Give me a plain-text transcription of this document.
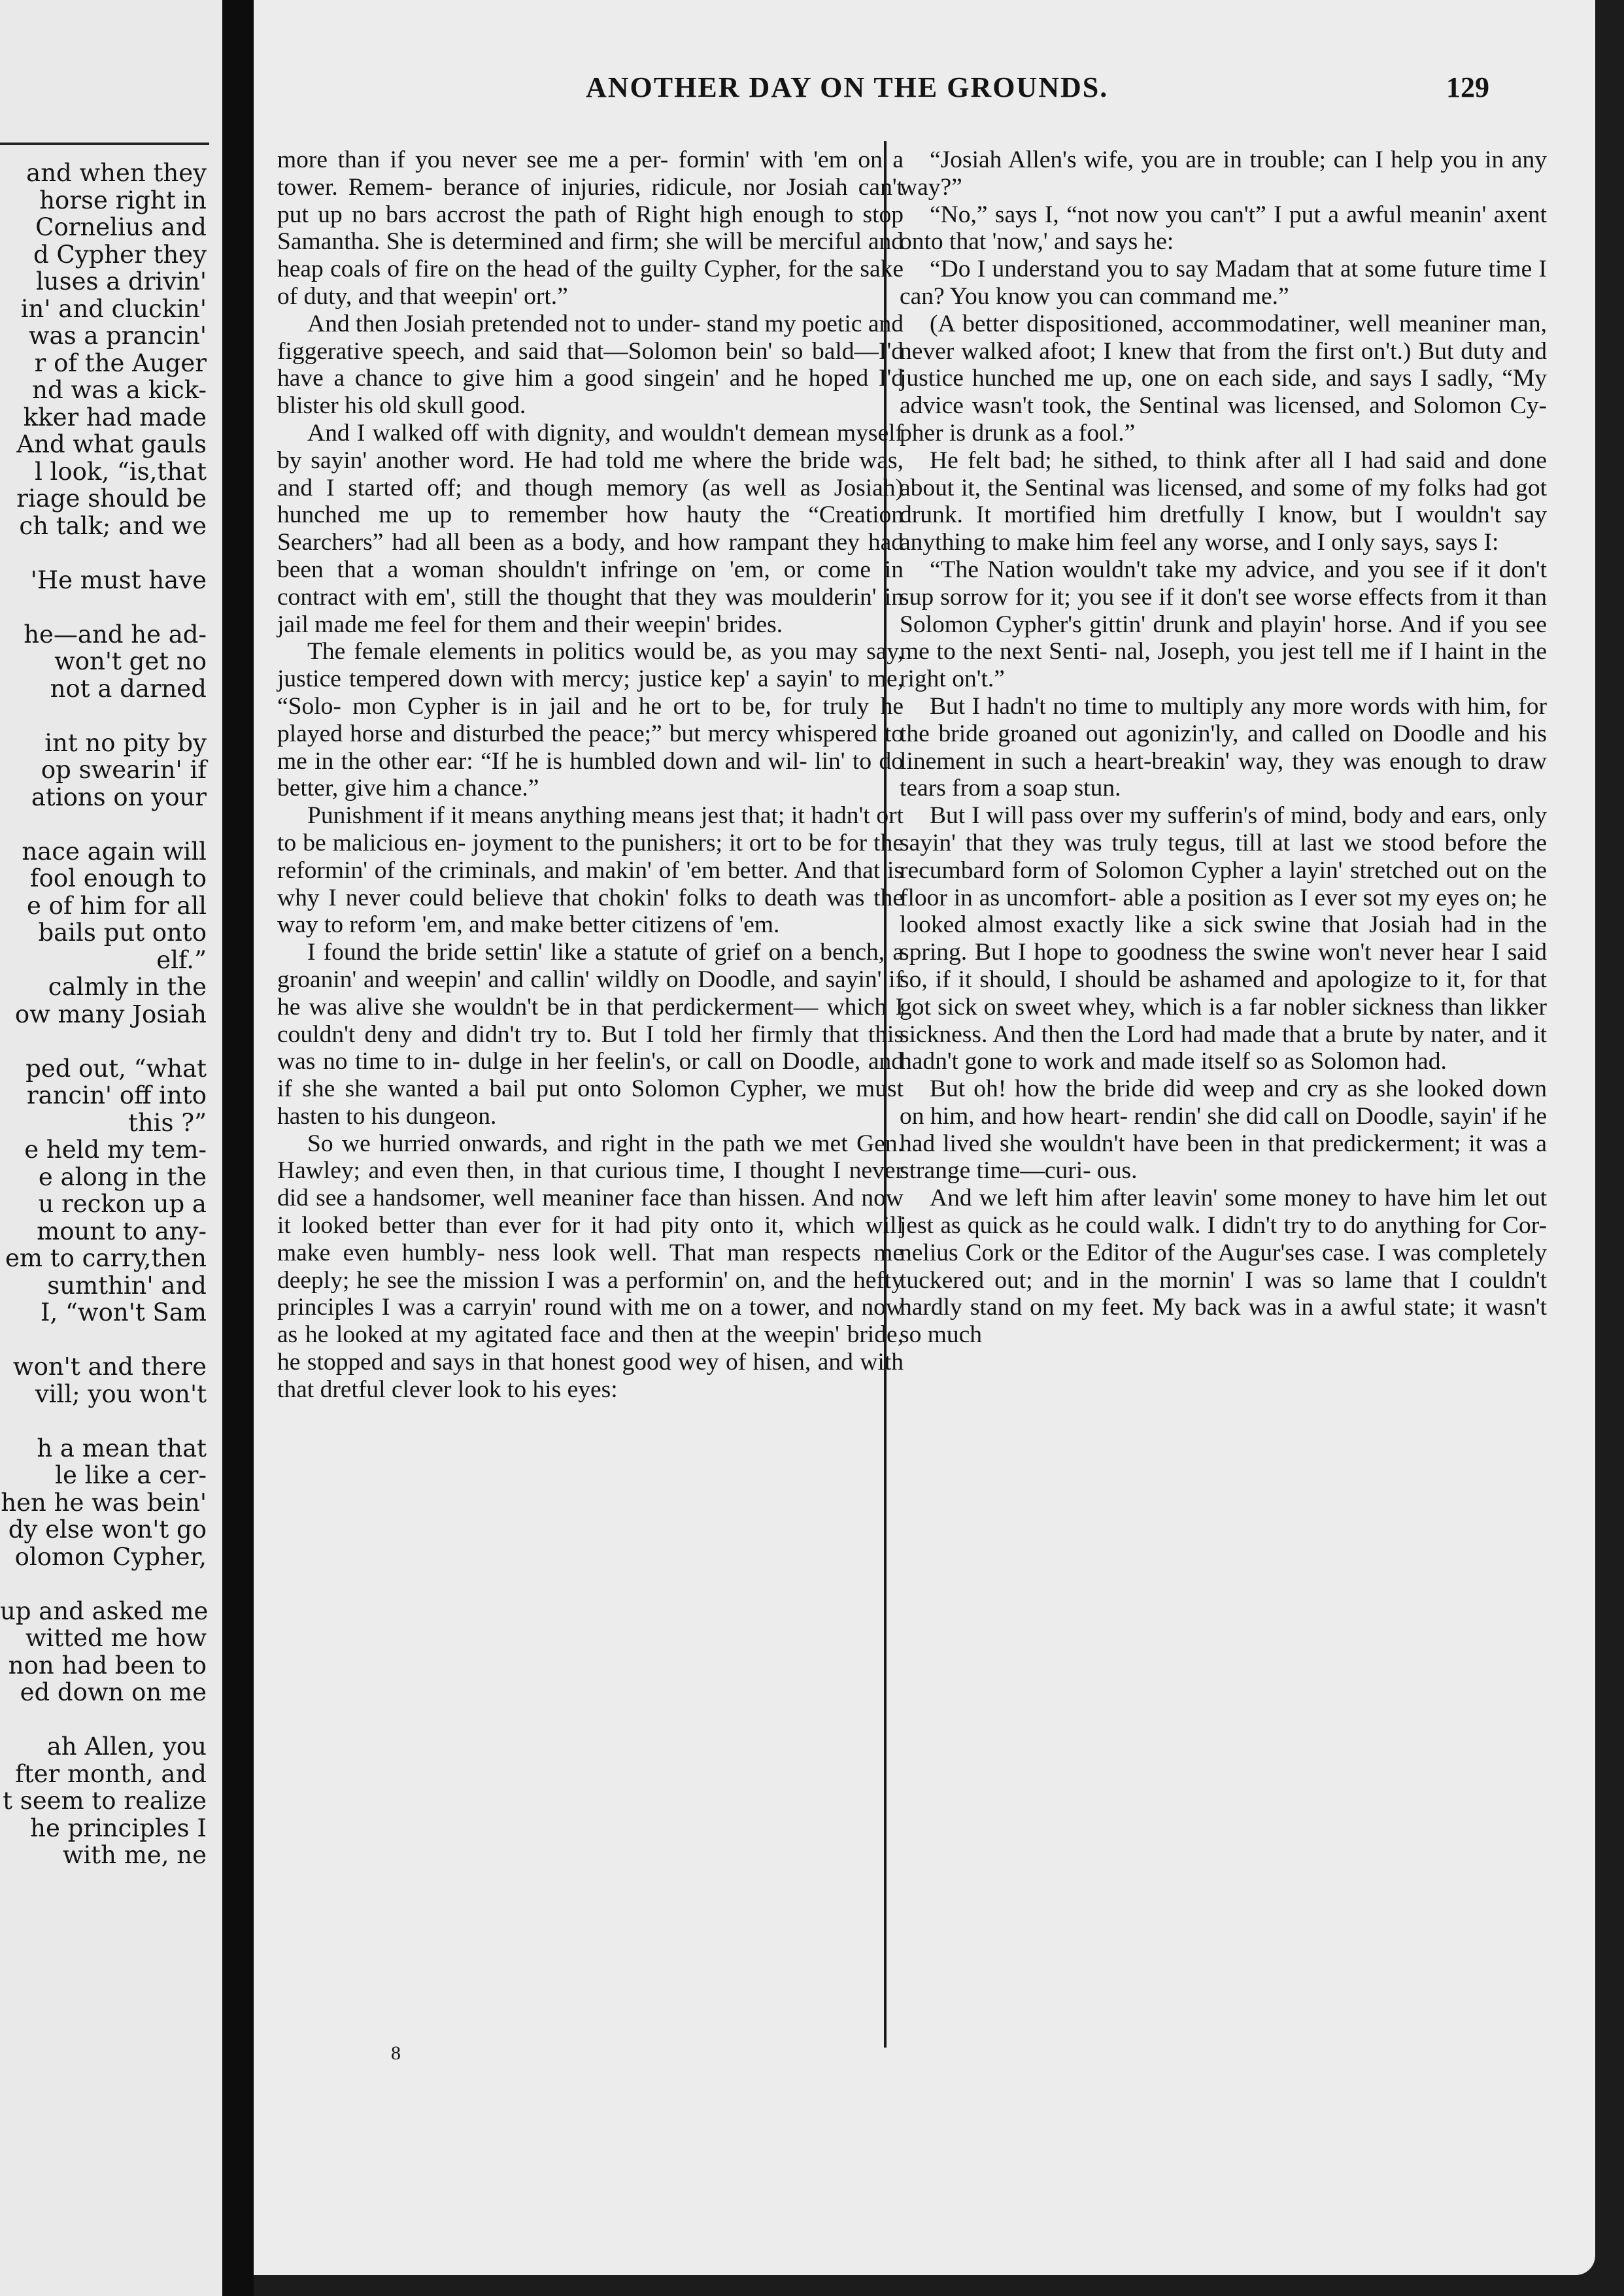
and when they
horse right in
Cornelius and
d Cypher they
luses a drivin'
in' and cluckin'
was a prancin'
r of the Auger
nd was a kick-
kker had made
And what gauls
l look, “is,that
riage should be
ch talk; and we

'He must have

he—and he ad-
won't get no
not a darned

int no pity by
op swearin' if
ations on your

nace again will
fool enough to
e of him for all
bails put onto
elf.”
calmly in the
ow many Josiah

ped out, “what
rancin' off into
this ?”
e held my tem-
e along in the
u reckon up a
mount to any-
em to carry,then
sumthin' and
I, “won't Sam

won't and there
vill; you won't

h a mean that
le like a cer-
hen he was bein'
dy else won't go
olomon Cypher,

up and asked me
witted me how
non had been to
ed down on me

ah Allen, you
fter month, and
t seem to realize
he principles I
with me, ne
ANOTHER DAY ON THE GROUNDS.	129

more than if you never see me a per- formin' with 'em on a tower. Remem- berance of injuries, ridicule, nor Josiah can't put up no bars accrost the path of Right high enough to stop Samantha. She is determined and firm; she will be merciful and heap coals of fire on the head of the guilty Cypher, for the sake of duty, and that weepin' ort.”

And then Josiah pretended not to under- stand my poetic and figgerative speech, and said that—Solomon bein' so bald—I'd have a chance to give him a good singein' and he hoped I'd blister his old skull good.

And I walked off with dignity, and wouldn't demean myself by sayin' another word. He had told me where the bride was, and I started off; and though memory (as well as Josiah) hunched me up to remember how hauty the “Creation Searchers” had all been as a body, and how rampant they had been that a woman shouldn't infringe on 'em, or come in contract with em', still the thought that they was moulderin' in jail made me feel for them and their weepin' brides.

The female elements in politics would be, as you may say, justice tempered down with mercy; justice kep' a sayin' to me, “Solo- mon Cypher is in jail and he ort to be, for truly he played horse and disturbed the peace;” but mercy whispered to me in the other ear: “If he is humbled down and wil- lin' to do better, give him a chance.”

Punishment if it means anything means jest that; it hadn't ort to be malicious en- joyment to the punishers; it ort to be for the reformin' of the criminals, and makin' of 'em better. And that is why I never could believe that chokin' folks to death was the way to reform 'em, and make better citizens of 'em.

I found the bride settin' like a statute of grief on a bench, a groanin' and weepin' and callin' wildly on Doodle, and sayin' if he was alive she wouldn't be in that perdickerment— which I couldn't deny and didn't try to. But I told her firmly that this was no time to in- dulge in her feelin's, or call on Doodle, and if she she wanted a bail put onto Solomon Cypher, we must hasten to his dungeon.

So we hurried onwards, and right in the path we met Gen. Hawley; and even then, in that curious time, I thought I never did see a handsomer, well meaniner face than hissen. And now it looked better than ever for it had pity onto it, which will make even humbly- ness look well. That man respects me deeply; he see the mission I was a performin' on, and the hefty principles I was a carryin' round with me on a tower, and now as he looked at my agitated face and then at the weepin' bride, he stopped and says in that honest good wey of hisen, and with that dretful clever look to his eyes:

“Josiah Allen's wife, you are in trouble; can I help you in any way?”

“No,” says I, “not now you can't” I put a awful meanin' axent onto that 'now,' and says he:

“Do I understand you to say Madam that at some future time I can? You know you can command me.”

(A better dispositioned, accommodatiner, well meaniner man, never walked afoot; I knew that from the first on't.) But duty and justice hunched me up, one on each side, and says I sadly, “My advice wasn't took, the Sentinal was licensed, and Solomon Cy- pher is drunk as a fool.”

He felt bad; he sithed, to think after all I had said and done about it, the Sentinal was licensed, and some of my folks had got drunk. It mortified him dretfully I know, but I wouldn't say anything to make him feel any worse, and I only says, says I:

“The Nation wouldn't take my advice, and you see if it don't sup sorrow for it; you see if it don't see worse effects from it than Solomon Cypher's gittin' drunk and playin' horse. And if you see me to the next Senti- nal, Joseph, you jest tell me if I haint in the right on't.”

But I hadn't no time to multiply any more words with him, for the bride groaned out agonizin'ly, and called on Doodle and his linement in such a heart-breakin' way, they was enough to draw tears from a soap stun.

But I will pass over my sufferin's of mind, body and ears, only sayin' that they was truly tegus, till at last we stood before the recumbard form of Solomon Cypher a layin' stretched out on the floor in as uncomfort- able a position as I ever sot my eyes on; he looked almost exactly like a sick swine that Josiah had in the spring. But I hope to goodness the swine won't never hear I said so, if it should, I should be ashamed and apologize to it, for that got sick on sweet whey, which is a far nobler sickness than likker sickness. And then the Lord had made that a brute by nater, and it hadn't gone to work and made itself so as Solomon had.

But oh! how the bride did weep and cry as she looked down on him, and how heart- rendin' she did call on Doodle, sayin' if he had lived she wouldn't have been in that predickerment; it was a strange time—curi- ous.

And we left him after leavin' some money to have him let out jest as quick as he could walk. I didn't try to do anything for Cor- nelius Cork or the Editor of the Augur'ses case. I was completely tuckered out; and in the mornin' I was so lame that I couldn't hardly stand on my feet. My back was in a awful state; it wasn't so much

8
